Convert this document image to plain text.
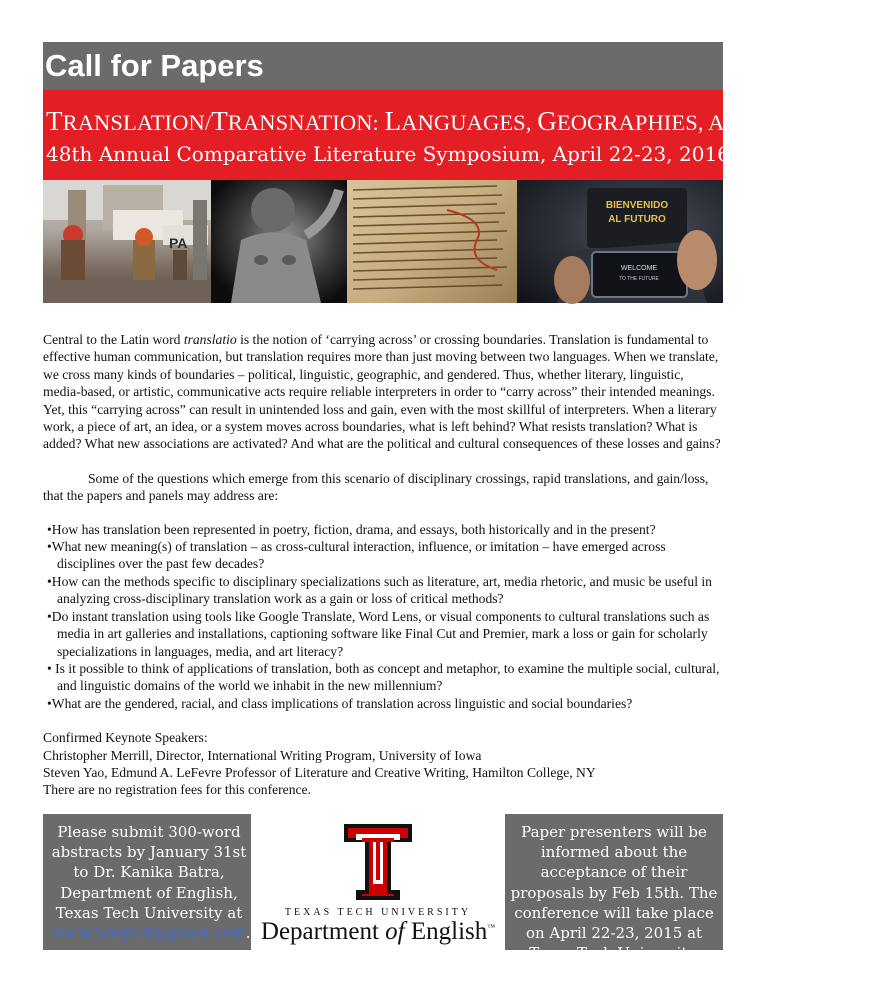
Call for Papers
TRANSLATION/TRANSNATION: LANGUAGES, GEOGRAPHIES, AND GENDERS
48th Annual Comparative Literature Symposium, April 22-23, 2016
PA
BIENVENIDO
AL FUTURO
WELCOME
TO THE FUTURE

Central to the Latin word translatio is the notion of ‘carrying across’ or crossing boundaries. Translation is fundamental to effective human communication, but translation requires more than just moving between two languages. When we translate, we cross many kinds of boundaries – political, linguistic, geographic, and gendered. Thus, whether literary, linguistic, media-based, or artistic, communicative acts require reliable interpreters in order to “carry across” their intended meanings. Yet, this “carrying across” can result in unintended loss and gain, even with the most skillful of interpreters. When a literary work, a piece of art, an idea, or a system moves across boundaries, what is left behind? What resists translation? What is added? What new associations are activated? And what are the political and cultural consequences of these losses and gains?

Some of the questions which emerge from this scenario of disciplinary crossings, rapid translations, and gain/loss, that the papers and panels may address are:

•How has translation been represented in poetry, fiction, drama, and essays, both historically and in the present?
•What new meaning(s) of translation – as cross-cultural interaction, influence, or imitation – have emerged across disciplines over the past few decades?
•How can the methods specific to disciplinary specializations such as literature, art, media rhetoric, and music be useful in analyzing cross-disciplinary translation work as a gain or loss of critical methods?
•Do instant translation using tools like Google Translate, Word Lens, or visual components to cultural translations such as media in art galleries and installations, captioning software like Final Cut and Premier, mark a loss or gain for scholarly specializations in languages, media, and art literacy?
• Is it possible to think of applications of translation, both as concept and metaphor, to examine the multiple social, cultural, and linguistic domains of the world we inhabit in the new millennium?
•What are the gendered, racial, and class implications of translation across linguistic and social boundaries?
Confirmed Keynote Speakers:
Christopher Merrill, Director, International Writing Program, University of Iowa
Steven Yao, Edmund A. LeFevre Professor of Literature and Creative Writing, Hamilton College, NY

There are no registration fees for this conference.

Please submit 300-word abstracts by January 31st to Dr. Kanika Batra, Department of English, Texas Tech University at TechCompLit@gmail.com.
TEXAS TECH UNIVERSITY
Department of English™
Paper presenters will be informed about the acceptance of their proposals by Feb 15th. The conference will take place on April 22-23, 2015 at Texas Tech University, Lubbock.
